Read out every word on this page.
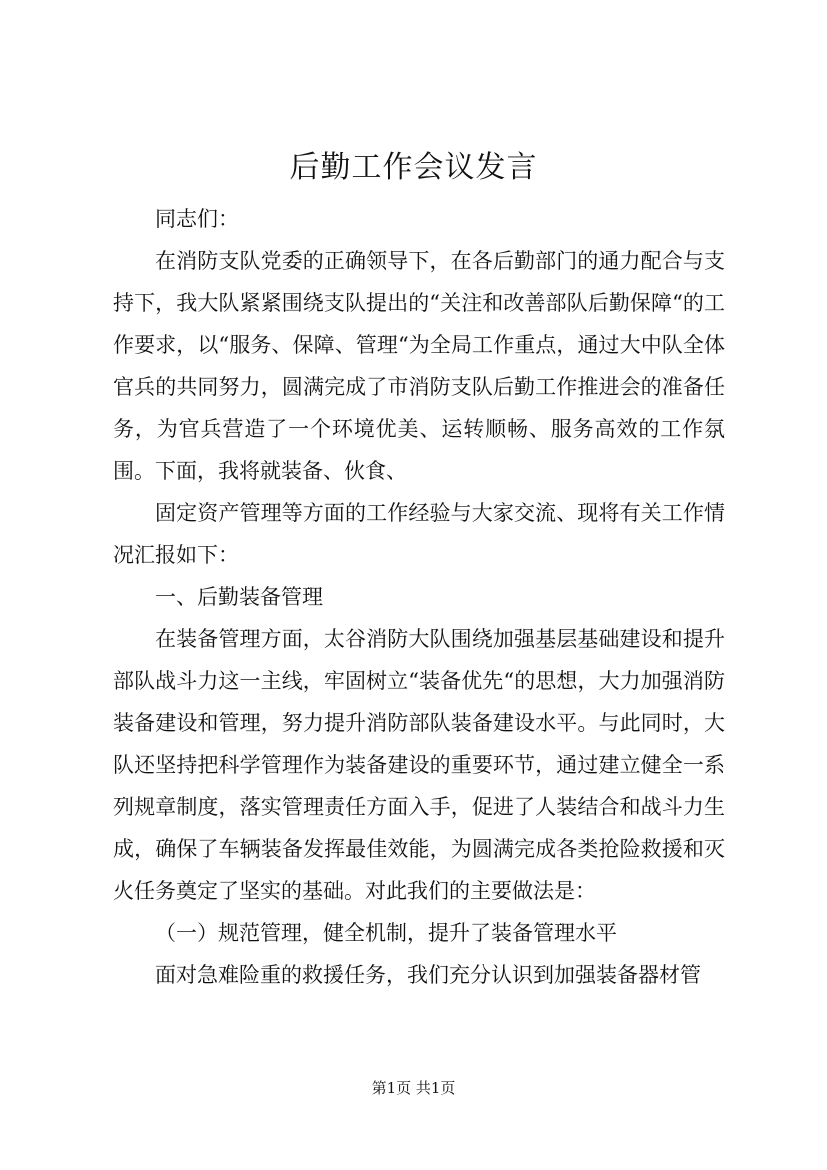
后勤工作会议发言

同志们：

在消防支队党委的正确领导下，在各后勤部门的通力配合与支持下，我大队紧紧围绕支队提出的“关注和改善部队后勤保障“的工作要求，以“服务、保障、管理“为全局工作重点，通过大中队全体官兵的共同努力，圆满完成了市消防支队后勤工作推进会的准备任务，为官兵营造了一个环境优美、运转顺畅、服务高效的工作氛围。下面，我将就装备、伙食、

固定资产管理等方面的工作经验与大家交流、现将有关工作情况汇报如下：

一、后勤装备管理

在装备管理方面，太谷消防大队围绕加强基层基础建设和提升部队战斗力这一主线，牢固树立“装备优先“的思想，大力加强消防装备建设和管理，努力提升消防部队装备建设水平。与此同时，大队还坚持把科学管理作为装备建设的重要环节，通过建立健全一系列规章制度，落实管理责任方面入手，促进了人装结合和战斗力生成，确保了车辆装备发挥最佳效能，为圆满完成各类抢险救援和灭火任务奠定了坚实的基础。对此我们的主要做法是：

（一）规范管理，健全机制，提升了装备管理水平

面对急难险重的救援任务，我们充分认识到加强装备器材管

第1页 共1页
